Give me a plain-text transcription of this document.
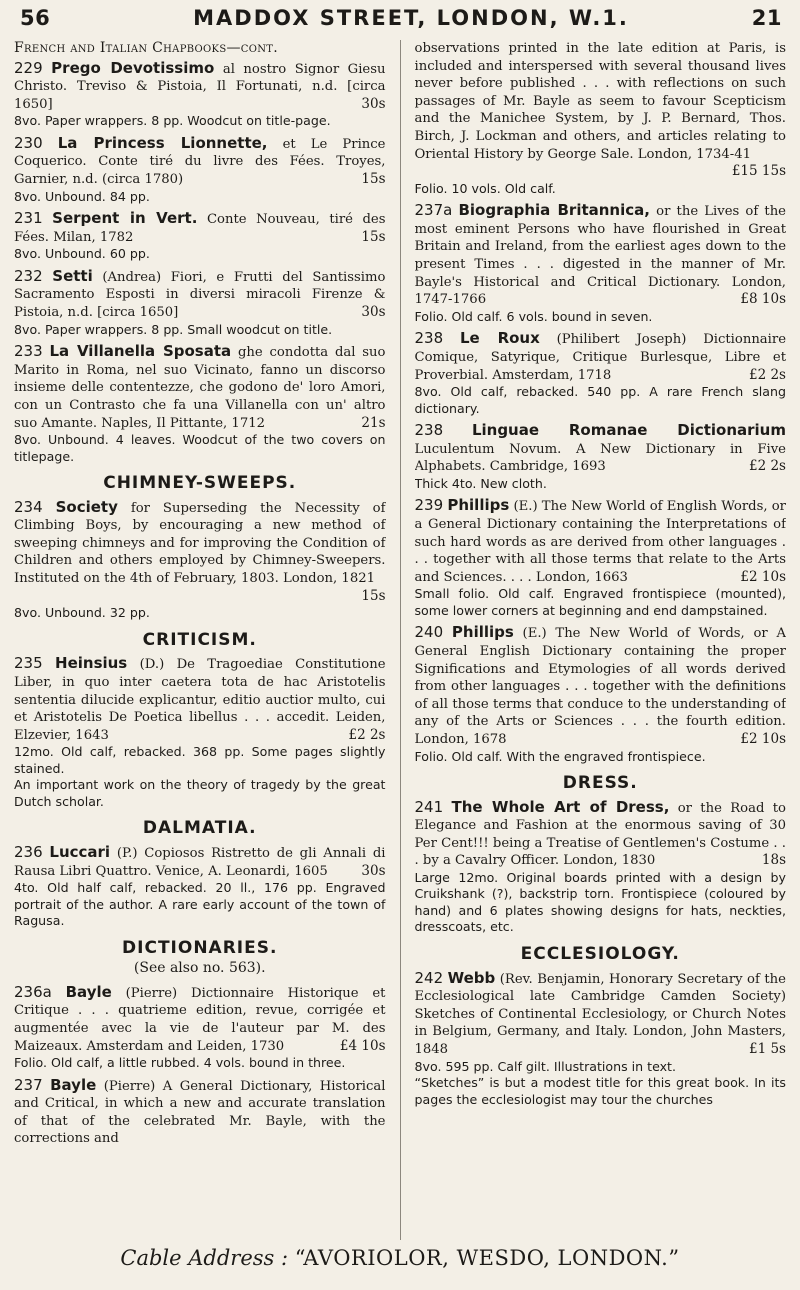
56	MADDOX STREET, LONDON, W.1.	21
French and Italian Chapbooks—cont.
229 Prego Devotissimo al nostro Signor Giesu Christo. Treviso & Pistoia, Il Fortunati, n.d. [circa 1650]	30s
8vo. Paper wrappers. 8 pp. Woodcut on title-page.
230 La Princess Lionnette, et Le Prince Coquerico. Conte tiré du livre des Fées. Troyes, Garnier, n.d. (circa 1780)	15s
8vo. Unbound. 84 pp.
231 Serpent in Vert. Conte Nouveau, tiré des Fées. Milan, 1782	15s
8vo. Unbound. 60 pp.
232 Setti (Andrea) Fiori, e Frutti del Santissimo Sacramento Esposti in diversi miracoli Firenze & Pistoia, n.d. [circa 1650]	30s
8vo. Paper wrappers. 8 pp. Small woodcut on title.
233 La Villanella Sposata ghe condotta dal suo Marito in Roma, nel suo Vicinato, fanno un discorso insieme delle contentezze, che godono de' loro Amori, con un Contrasto che fa una Villanella con un' altro suo Amante. Naples, Il Pittante, 1712	21s
8vo. Unbound. 4 leaves. Woodcut of the two covers on titlepage.
CHIMNEY-SWEEPS.
234 Society for Superseding the Necessity of Climbing Boys, by encouraging a new method of sweeping chimneys and for improving the Condition of Children and others employed by Chimney-Sweepers. Instituted on the 4th of February, 1803. London, 1821
15s
8vo. Unbound. 32 pp.
CRITICISM.
235 Heinsius (D.) De Tragoediae Constitutione Liber, in quo inter caetera tota de hac Aristotelis sententia dilucide explicantur, editio auctior multo, cui et Aristotelis De Poetica libellus . . . accedit. Leiden, Elzevier, 1643	£2 2s
12mo. Old calf, rebacked. 368 pp. Some pages slightly stained.
An important work on the theory of tragedy by the great Dutch scholar.
DALMATIA.
236 Luccari (P.) Copiosos Ristretto de gli Annali di Rausa Libri Quattro. Venice, A. Leonardi, 1605 30s
4to. Old half calf, rebacked. 20 ll., 176 pp. Engraved portrait of the author. A rare early account of the town of Ragusa.
DICTIONARIES.
(See also no. 563).
236a Bayle (Pierre) Dictionnaire Historique et Critique . . . quatrieme edition, revue, corrigée et augmentée avec la vie de l'auteur par M. des Maizeaux. Amsterdam and Leiden, 1730	£4 10s
Folio. Old calf, a little rubbed. 4 vols. bound in three.
237 Bayle (Pierre) A General Dictionary, Historical and Critical, in which a new and accurate translation of that of the celebrated Mr. Bayle, with the corrections and
observations printed in the late edition at Paris, is included and interspersed with several thousand lives never before published . . . with reflections on such passages of Mr. Bayle as seem to favour Scepticism and the Manichee System, by J. P. Bernard, Thos. Birch, J. Lockman and others, and articles relating to Oriental History by George Sale. London, 1734-41
£15 15s
Folio. 10 vols. Old calf.
237a Biographia Britannica, or the Lives of the most eminent Persons who have flourished in Great Britain and Ireland, from the earliest ages down to the present Times . . . digested in the manner of Mr. Bayle's Historical and Critical Dictionary. London, 1747-1766	£8 10s
Folio. Old calf. 6 vols. bound in seven.
238 Le Roux (Philibert Joseph) Dictionnaire Comique, Satyrique, Critique Burlesque, Libre et Proverbial. Amsterdam, 1718	£2 2s
8vo. Old calf, rebacked. 540 pp. A rare French slang dictionary.
238 Linguae Romanae Dictionarium Luculentum Novum. A New Dictionary in Five Alphabets. Cambridge, 1693	£2 2s
Thick 4to. New cloth.
239 Phillips (E.) The New World of English Words, or a General Dictionary containing the Interpretations of such hard words as are derived from other languages . . . together with all those terms that relate to the Arts and Sciences. . . . London, 1663	£2 10s
Small folio. Old calf. Engraved frontispiece (mounted), some lower corners at beginning and end dampstained.
240 Phillips (E.) The New World of Words, or A General English Dictionary containing the proper Significations and Etymologies of all words derived from other languages . . . together with the definitions of all those terms that conduce to the understanding of any of the Arts or Sciences . . . the fourth edition. London, 1678	£2 10s
Folio. Old calf. With the engraved frontispiece.
DRESS.
241 The Whole Art of Dress, or the Road to Elegance and Fashion at the enormous saving of 30 Per Cent!!! being a Treatise of Gentlemen's Costume . . . by a Cavalry Officer. London, 1830	18s
Large 12mo. Original boards printed with a design by Cruikshank (?), backstrip torn. Frontispiece (coloured by hand) and 6 plates showing designs for hats, neckties, dresscoats, etc.
ECCLESIOLOGY.
242 Webb (Rev. Benjamin, Honorary Secretary of the Ecclesiological late Cambridge Camden Society) Sketches of Continental Ecclesiology, or Church Notes in Belgium, Germany, and Italy. London, John Masters, 1848	£1 5s
8vo. 595 pp. Calf gilt. Illustrations in text.
“Sketches” is but a modest title for this great book. In its pages the ecclesiologist may tour the churches
Cable Address : “AVORIOLOR, WESDO, LONDON.”
